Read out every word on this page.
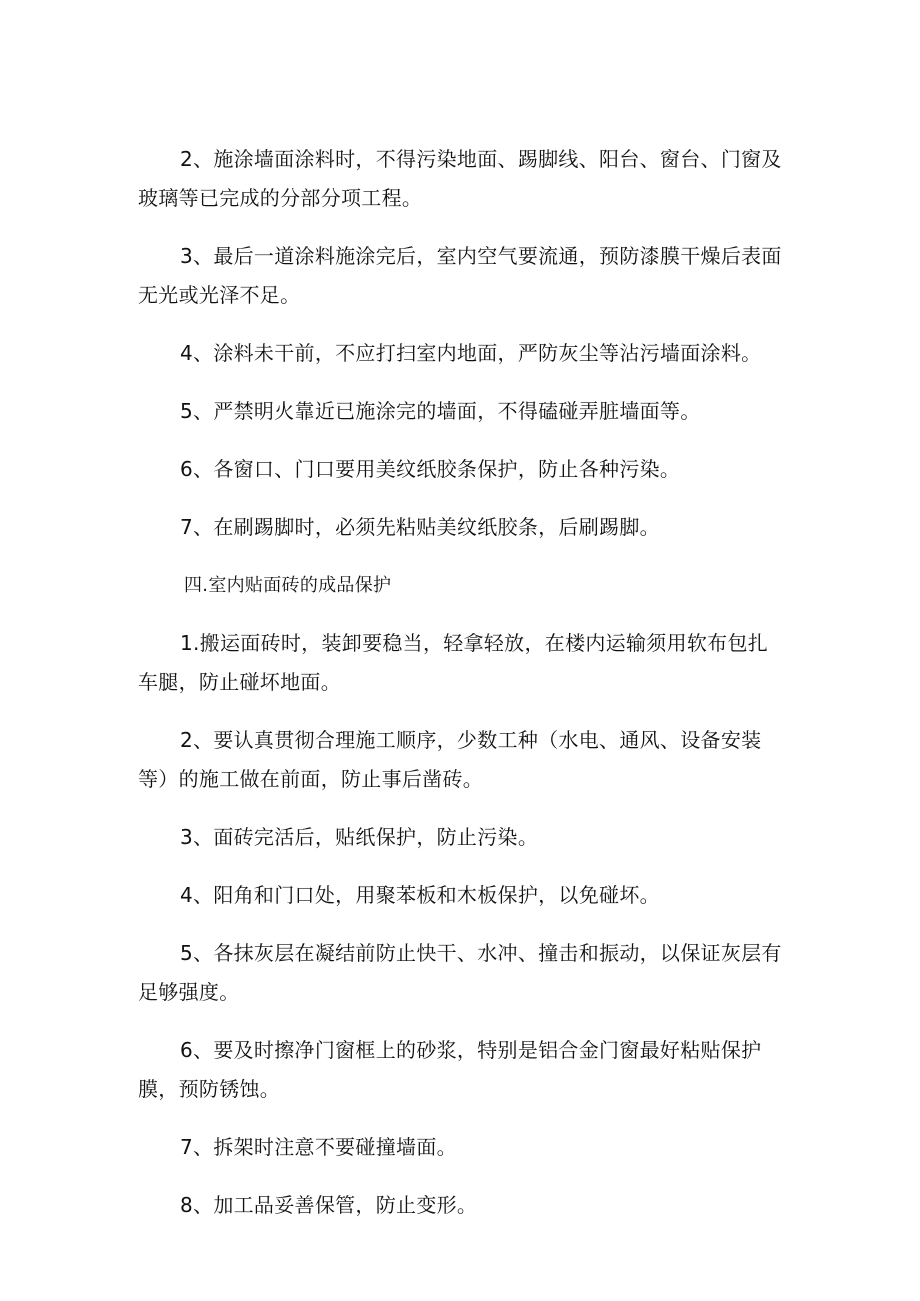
2、施涂墙面涂料时，不得污染地面、踢脚线、阳台、窗台、门窗及玻璃等已完成的分部分项工程。

3、最后一道涂料施涂完后，室内空气要流通，预防漆膜干燥后表面无光或光泽不足。

4、涂料未干前，不应打扫室内地面，严防灰尘等沾污墙面涂料。

5、严禁明火靠近已施涂完的墙面，不得磕碰弄脏墙面等。

6、各窗口、门口要用美纹纸胶条保护，防止各种污染。

7、在刷踢脚时，必须先粘贴美纹纸胶条，后刷踢脚。

四.室内贴面砖的成品保护

1.搬运面砖时，装卸要稳当，轻拿轻放，在楼内运输须用软布包扎车腿，防止碰坏地面。

2、要认真贯彻合理施工顺序，少数工种（水电、通风、设备安装等）的施工做在前面，防止事后凿砖。

3、面砖完活后，贴纸保护，防止污染。

4、阳角和门口处，用聚苯板和木板保护，以免碰坏。

5、各抹灰层在凝结前防止快干、水冲、撞击和振动，以保证灰层有足够强度。

6、要及时擦净门窗框上的砂浆，特别是铝合金门窗最好粘贴保护膜，预防锈蚀。

7、拆架时注意不要碰撞墙面。

8、加工品妥善保管，防止变形。
